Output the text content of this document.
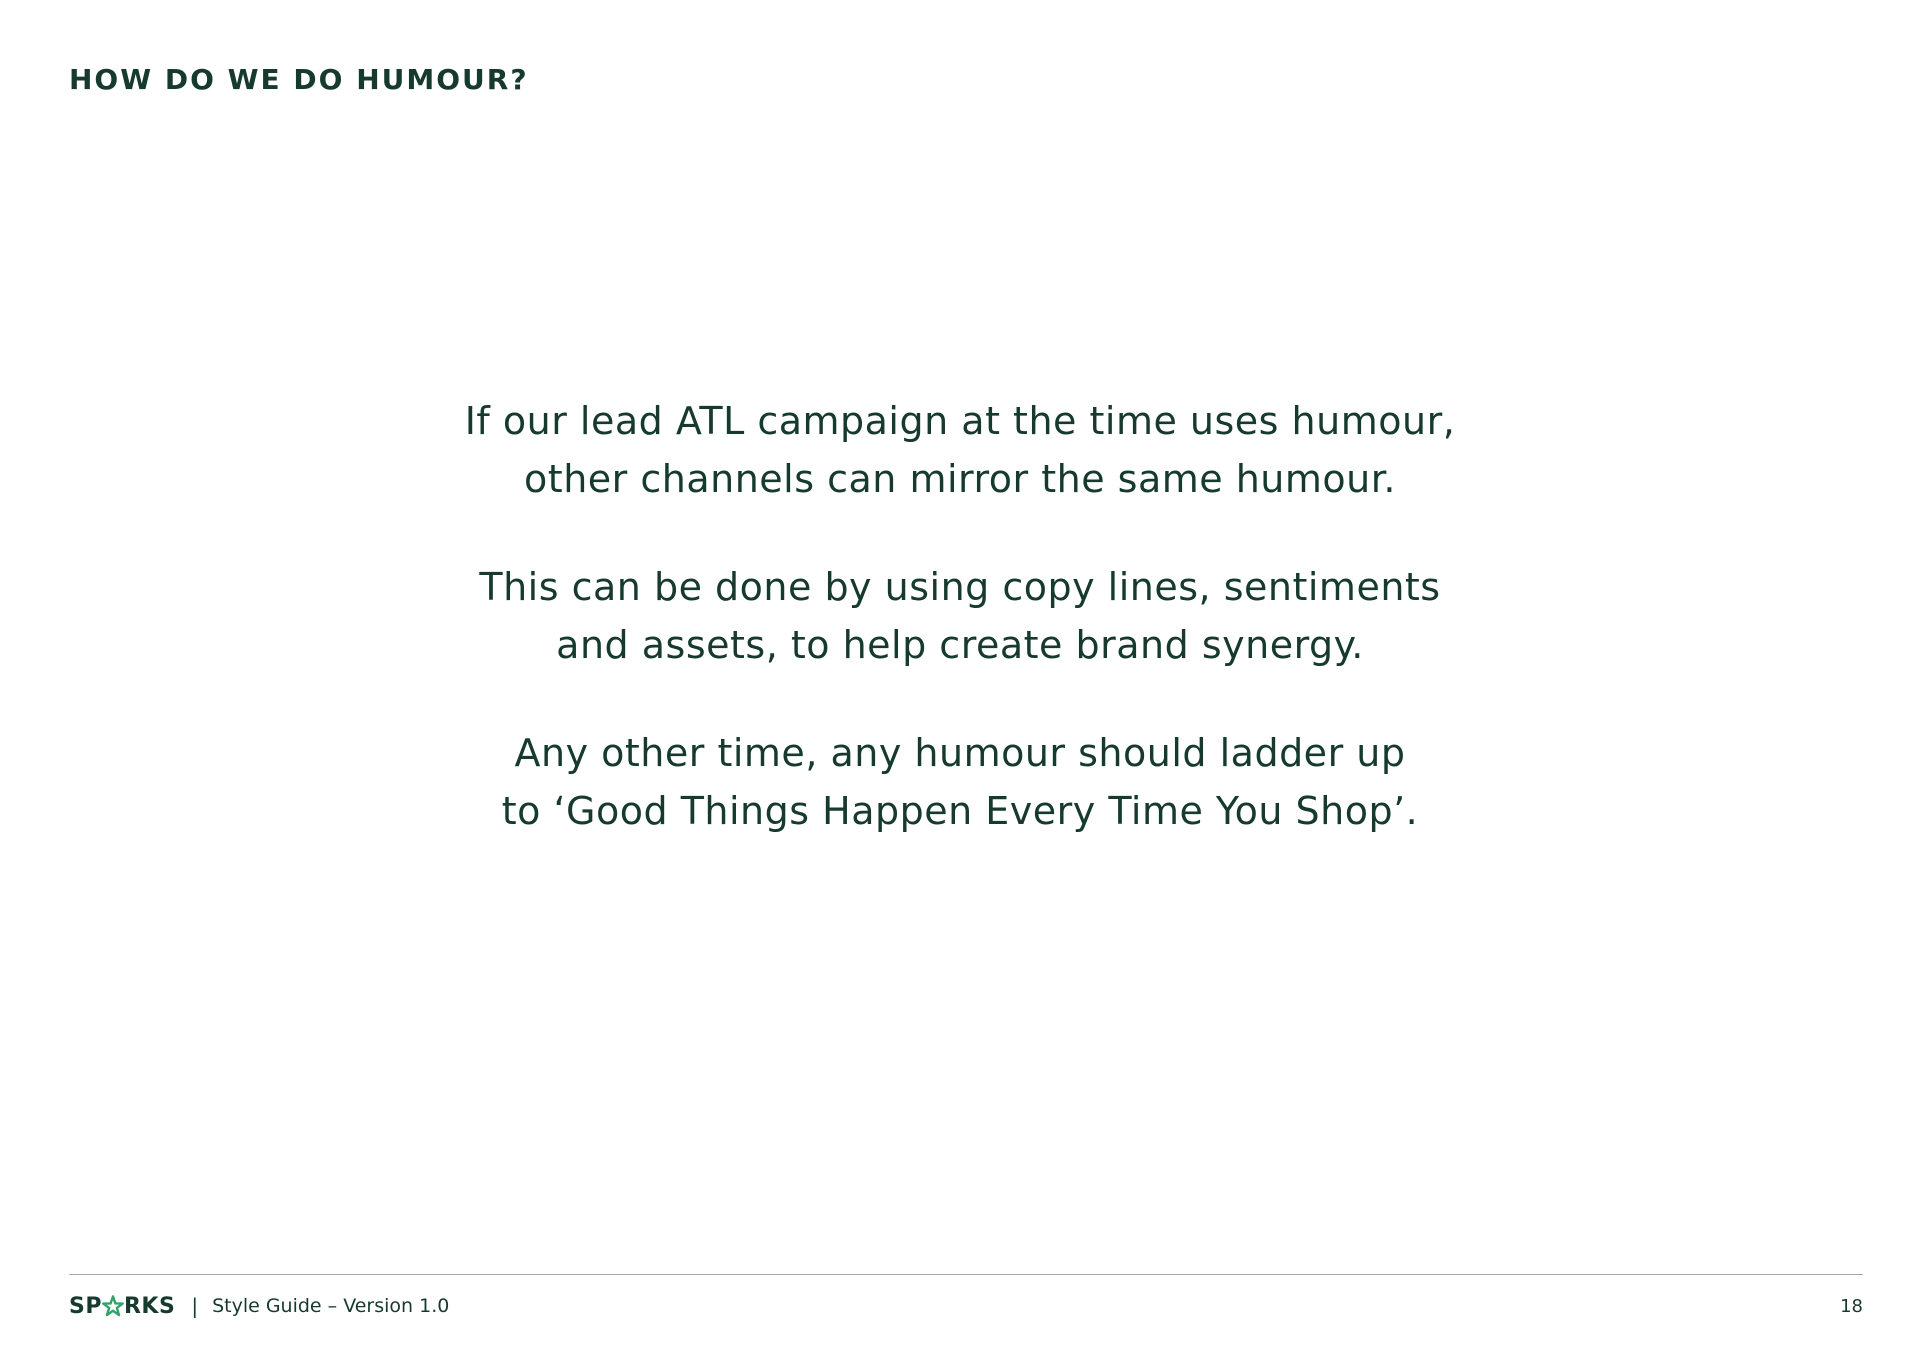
HOW DO WE DO HUMOUR?

If our lead ATL campaign at the time uses humour,
other channels can mirror the same humour.

This can be done by using copy lines, sentiments
and assets, to help create brand synergy.

Any other time, any humour should ladder up
to ‘Good Things Happen Every Time You Shop’.

SP RKS | Style Guide – Version 1.0	18
